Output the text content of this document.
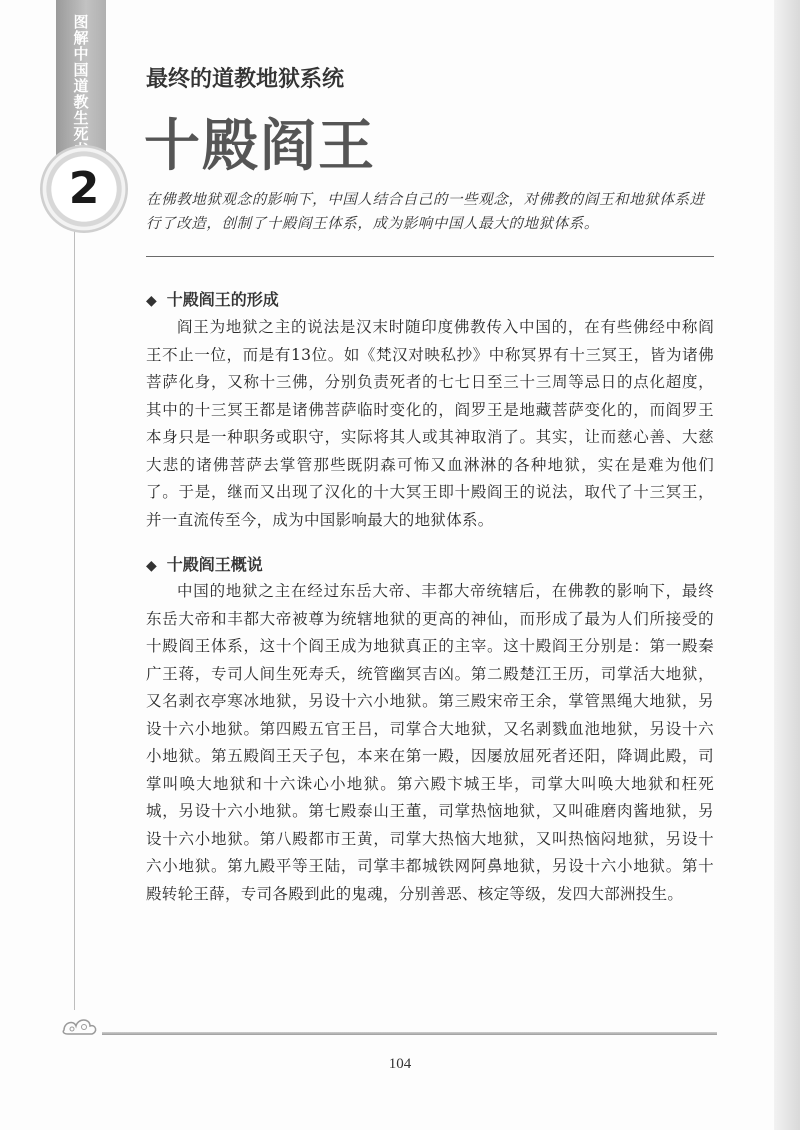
图解中国道教生死
2
最终的道教地狱系统
十殿阎王
在佛教地狱观念的影响下，中国人结合自己的一些观念，对佛教的阎王和地狱体系进行了改造，创制了十殿阎王体系，成为影响中国人最大的地狱体系。
◆ 十殿阎王的形成
阎王为地狱之主的说法是汉末时随印度佛教传入中国的，在有些佛经中称阎王不止一位，而是有13位。如《梵汉对映私抄》中称冥界有十三冥王，皆为诸佛菩萨化身，又称十三佛，分别负责死者的七七日至三十三周等忌日的点化超度，其中的十三冥王都是诸佛菩萨临时变化的，阎罗王是地藏菩萨变化的，而阎罗王本身只是一种职务或职守，实际将其人或其神取消了。其实，让而慈心善、大慈大悲的诸佛菩萨去掌管那些既阴森可怖又血淋淋的各种地狱，实在是难为他们了。于是，继而又出现了汉化的十大冥王即十殿阎王的说法，取代了十三冥王，并一直流传至今，成为中国影响最大的地狱体系。
◆ 十殿阎王概说
中国的地狱之主在经过东岳大帝、丰都大帝统辖后，在佛教的影响下，最终东岳大帝和丰都大帝被尊为统辖地狱的更高的神仙，而形成了最为人们所接受的十殿阎王体系，这十个阎王成为地狱真正的主宰。这十殿阎王分别是：第一殿秦广王蒋，专司人间生死寿夭，统管幽冥吉凶。第二殿楚江王历，司掌活大地狱，又名剥衣亭寒冰地狱，另设十六小地狱。第三殿宋帝王余，掌管黑绳大地狱，另设十六小地狱。第四殿五官王吕，司掌合大地狱，又名剥戮血池地狱，另设十六小地狱。第五殿阎王天子包，本来在第一殿，因屡放屈死者还阳，降调此殿，司掌叫唤大地狱和十六诛心小地狱。第六殿卞城王毕，司掌大叫唤大地狱和枉死城，另设十六小地狱。第七殿泰山王董，司掌热恼地狱，又叫碓磨肉酱地狱，另设十六小地狱。第八殿都市王黄，司掌大热恼大地狱，又叫热恼闷地狱，另设十六小地狱。第九殿平等王陆，司掌丰都城铁网阿鼻地狱，另设十六小地狱。第十殿转轮王薛，专司各殿到此的鬼魂，分别善恶、核定等级，发四大部洲投生。
104
